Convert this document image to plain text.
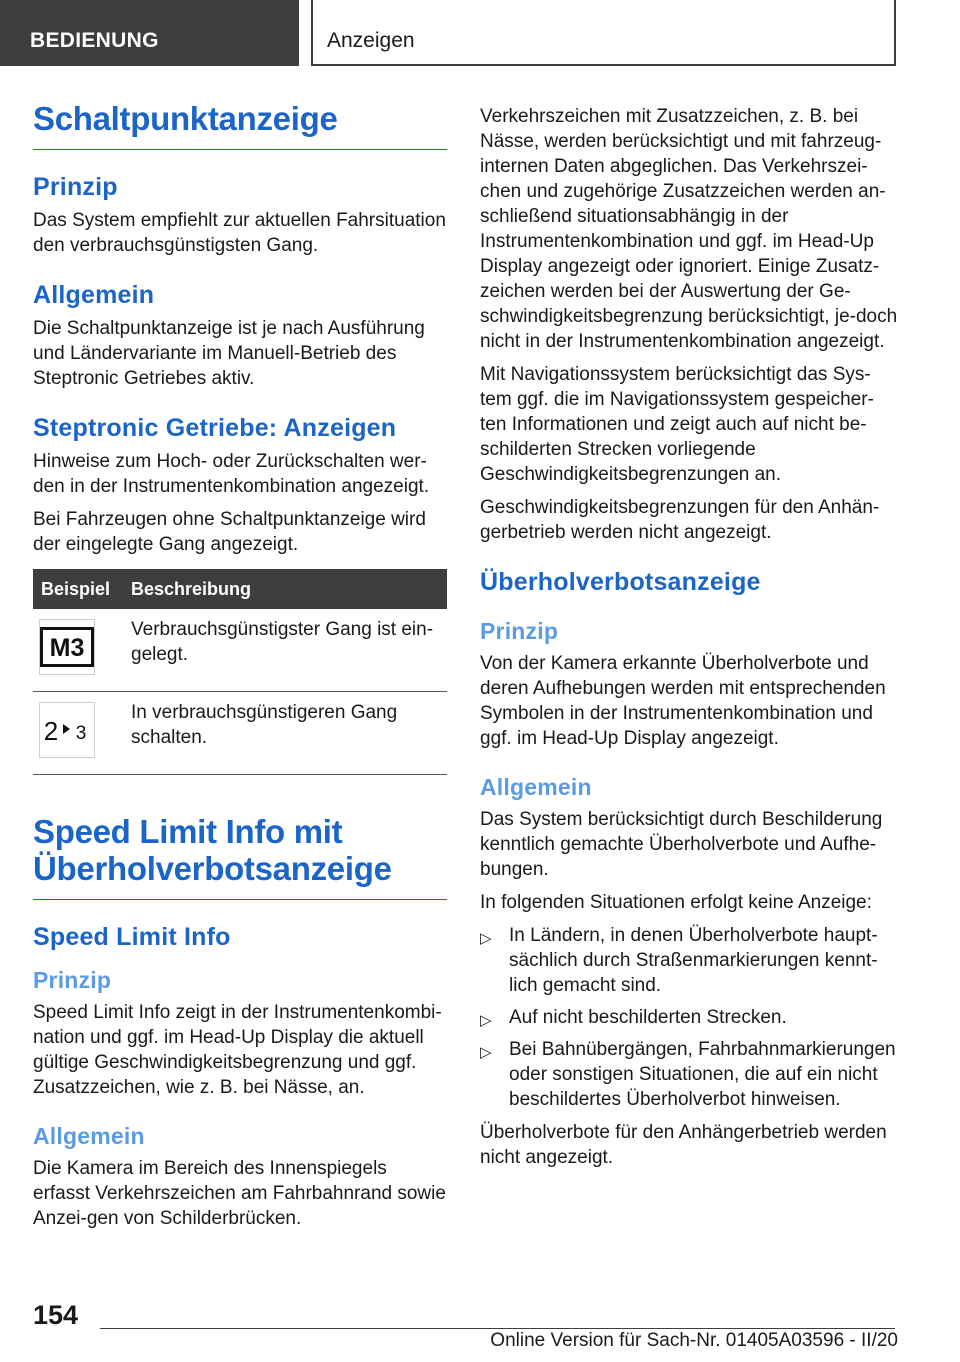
BEDIENUNG	Anzeigen
Schaltpunktanzeige
Prinzip

Das System empfiehlt zur aktuellen Fahrsituation den verbrauchsgünstigsten Gang.

Allgemein

Die Schaltpunktanzeige ist je nach Ausführung und Ländervariante im Manuell-Betrieb des Steptronic Getriebes aktiv.

Steptronic Getriebe: Anzeigen

Hinweise zum Hoch- oder Zurückschalten wer-den in der Instrumentenkombination angezeigt.

Bei Fahrzeugen ohne Schaltpunktanzeige wird der eingelegte Gang angezeigt.

Beispiel	Beschreibung

M3	Verbrauchsgünstigster Gang ist ein-gelegt.

2 3	In verbrauchsgünstigeren Gang schalten.
Speed Limit Info mit Überholverbotsanzeige
Speed Limit Info
Prinzip

Speed Limit Info zeigt in der Instrumentenkombi-nation und ggf. im Head-Up Display die aktuell gültige Geschwindigkeitsbegrenzung und ggf. Zusatzzeichen, wie z. B. bei Nässe, an.

Allgemein

Die Kamera im Bereich des Innenspiegels erfasst Verkehrszeichen am Fahrbahnrand sowie Anzei-gen von Schilderbrücken.

Verkehrszeichen mit Zusatzzeichen, z. B. bei Nässe, werden berücksichtigt und mit fahrzeug-internen Daten abgeglichen. Das Verkehrszei-chen und zugehörige Zusatzzeichen werden an-schließend situationsabhängig in der Instrumentenkombination und ggf. im Head-Up Display angezeigt oder ignoriert. Einige Zusatz-zeichen werden bei der Auswertung der Ge-schwindigkeitsbegrenzung berücksichtigt, je-doch nicht in der Instrumentenkombination angezeigt.

Mit Navigationssystem berücksichtigt das Sys-tem ggf. die im Navigationssystem gespeicher-ten Informationen und zeigt auch auf nicht be-schilderten Strecken vorliegende Geschwindigkeitsbegrenzungen an.

Geschwindigkeitsbegrenzungen für den Anhän-gerbetrieb werden nicht angezeigt.

Überholverbotsanzeige
Prinzip

Von der Kamera erkannte Überholverbote und deren Aufhebungen werden mit entsprechenden Symbolen in der Instrumentenkombination und ggf. im Head-Up Display angezeigt.

Allgemein

Das System berücksichtigt durch Beschilderung kenntlich gemachte Überholverbote und Aufhe-bungen.

In folgenden Situationen erfolgt keine Anzeige:

▷ In Ländern, in denen Überholverbote haupt-sächlich durch Straßenmarkierungen kennt-lich gemacht sind.
▷ Auf nicht beschilderten Strecken.
▷ Bei Bahnübergängen, Fahrbahnmarkierungen oder sonstigen Situationen, die auf ein nicht beschildertes Überholverbot hinweisen.

Überholverbote für den Anhängerbetrieb werden nicht angezeigt.

154
Online Version für Sach-Nr. 01405A03596 - II/20
